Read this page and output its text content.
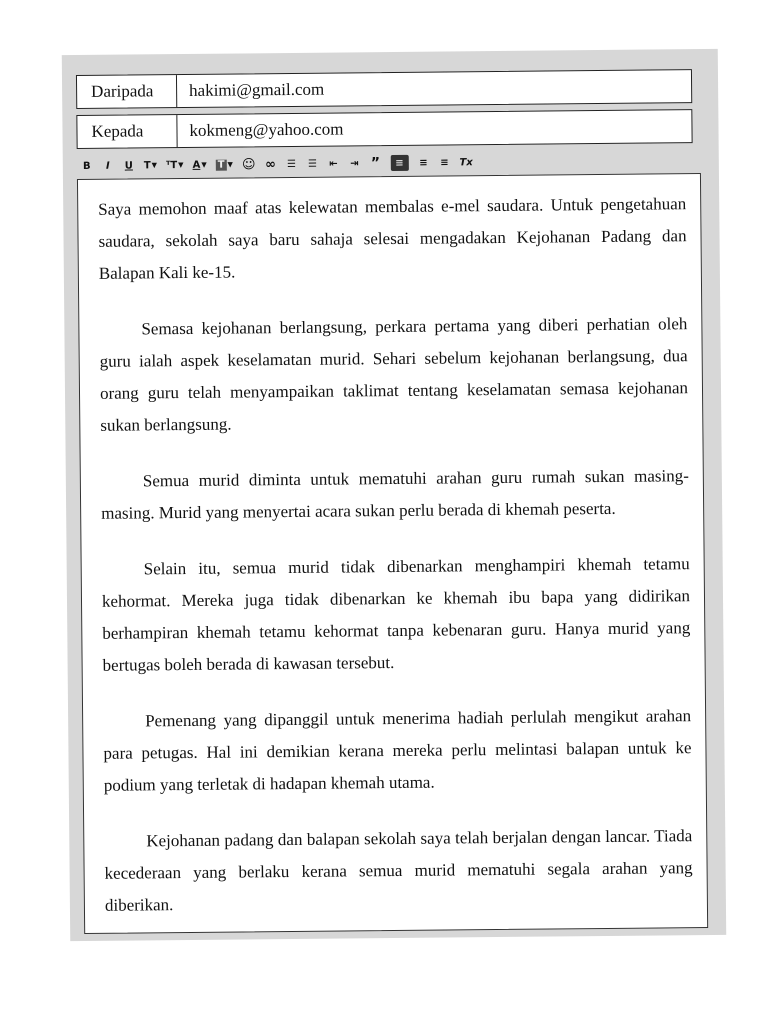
Daripada	hakimi@gmail.com
Kepada	kokmeng@yahoo.com
B	I	U T ▼ ᵀT ▼ A ▼ T ▼ ☺ ∞ ☰ ☰ ⇤ ⇥ ”	≡	≡ ≡ Tx

Saya memohon maaf atas kelewatan membalas e-mel saudara. Untuk pengetahuan saudara, sekolah saya baru sahaja selesai mengadakan Kejohanan Padang dan Balapan Kali ke-15.

Semasa kejohanan berlangsung, perkara pertama yang diberi perhatian oleh guru ialah aspek keselamatan murid. Sehari sebelum kejohanan berlangsung, dua orang guru telah menyampaikan taklimat tentang keselamatan semasa kejohanan sukan berlangsung.

Semua murid diminta untuk mematuhi arahan guru rumah sukan masing-masing. Murid yang menyertai acara sukan perlu berada di khemah peserta.

Selain itu, semua murid tidak dibenarkan menghampiri khemah tetamu kehormat. Mereka juga tidak dibenarkan ke khemah ibu bapa yang didirikan berhampiran khemah tetamu kehormat tanpa kebenaran guru. Hanya murid yang bertugas boleh berada di kawasan tersebut.

Pemenang yang dipanggil untuk menerima hadiah perlulah mengikut arahan para petugas. Hal ini demikian kerana mereka perlu melintasi balapan untuk ke podium yang terletak di hadapan khemah utama.

Kejohanan padang dan balapan sekolah saya telah berjalan dengan lancar. Tiada kecederaan yang berlaku kerana semua murid mematuhi segala arahan yang diberikan.
